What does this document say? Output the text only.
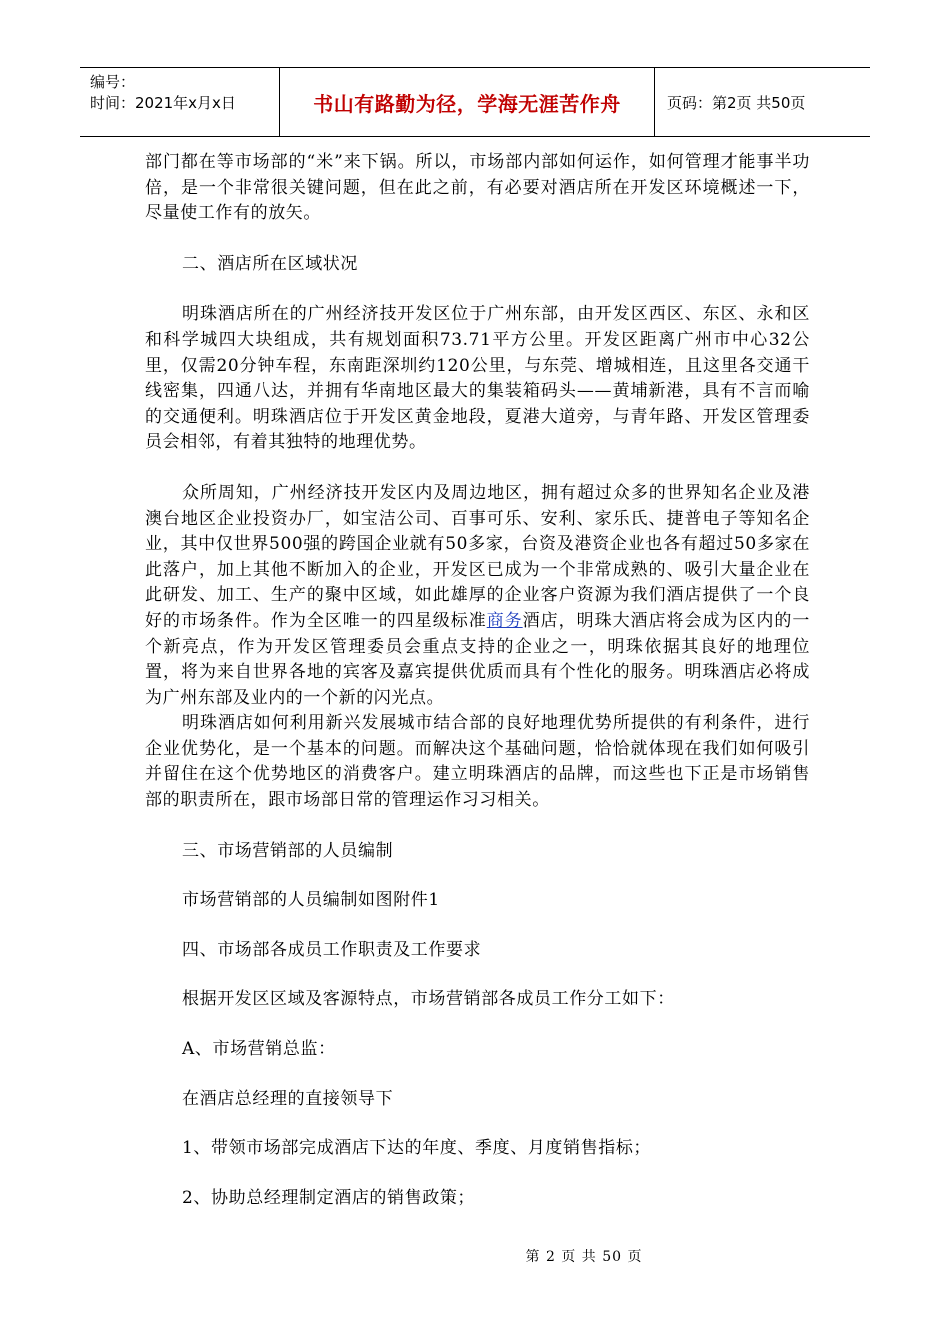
编号：
时间：2021年x月x日	书山有路勤为径，学海无涯苦作舟	页码：第2页 共50页

部门都在等市场部的“米”来下锅。所以，市场部内部如何运作，如何管理才能事半功倍，是一个非常很关键问题，但在此之前，有必要对酒店所在开发区环境概述一下，尽量使工作有的放矢。

二、酒店所在区域状况

明珠酒店所在的广州经济技开发区位于广州东部，由开发区西区、东区、永和区和科学城四大块组成，共有规划面积73.71平方公里。开发区距离广州市中心32公里，仅需20分钟车程，东南距深圳约120公里，与东莞、增城相连，且这里各交通干线密集，四通八达，并拥有华南地区最大的集装箱码头——黄埔新港，具有不言而喻的交通便利。明珠酒店位于开发区黄金地段，夏港大道旁，与青年路、开发区管理委员会相邻，有着其独特的地理优势。

众所周知，广州经济技开发区内及周边地区，拥有超过众多的世界知名企业及港澳台地区企业投资办厂，如宝洁公司、百事可乐、安利、家乐氏、捷普电子等知名企业，其中仅世界500强的跨国企业就有50多家，台资及港资企业也各有超过50多家在此落户，加上其他不断加入的企业，开发区已成为一个非常成熟的、吸引大量企业在此研发、加工、生产的聚中区域，如此雄厚的企业客户资源为我们酒店提供了一个良好的市场条件。作为全区唯一的四星级标准商务酒店，明珠大酒店将会成为区内的一个新亮点，作为开发区管理委员会重点支持的企业之一，明珠依据其良好的地理位置，将为来自世界各地的宾客及嘉宾提供优质而具有个性化的服务。明珠酒店必将成为广州东部及业内的一个新的闪光点。

明珠酒店如何利用新兴发展城市结合部的良好地理优势所提供的有利条件，进行企业优势化，是一个基本的问题。而解决这个基础问题，恰恰就体现在我们如何吸引并留住在这个优势地区的消费客户。建立明珠酒店的品牌，而这些也下正是市场销售部的职责所在，跟市场部日常的管理运作习习相关。

三、市场营销部的人员编制

市场营销部的人员编制如图附件1

四、市场部各成员工作职责及工作要求

根据开发区区域及客源特点，市场营销部各成员工作分工如下：

A、市场营销总监：

在酒店总经理的直接领导下

1、带领市场部完成酒店下达的年度、季度、月度销售指标；

2、协助总经理制定酒店的销售政策；

第 2 页 共 50 页
